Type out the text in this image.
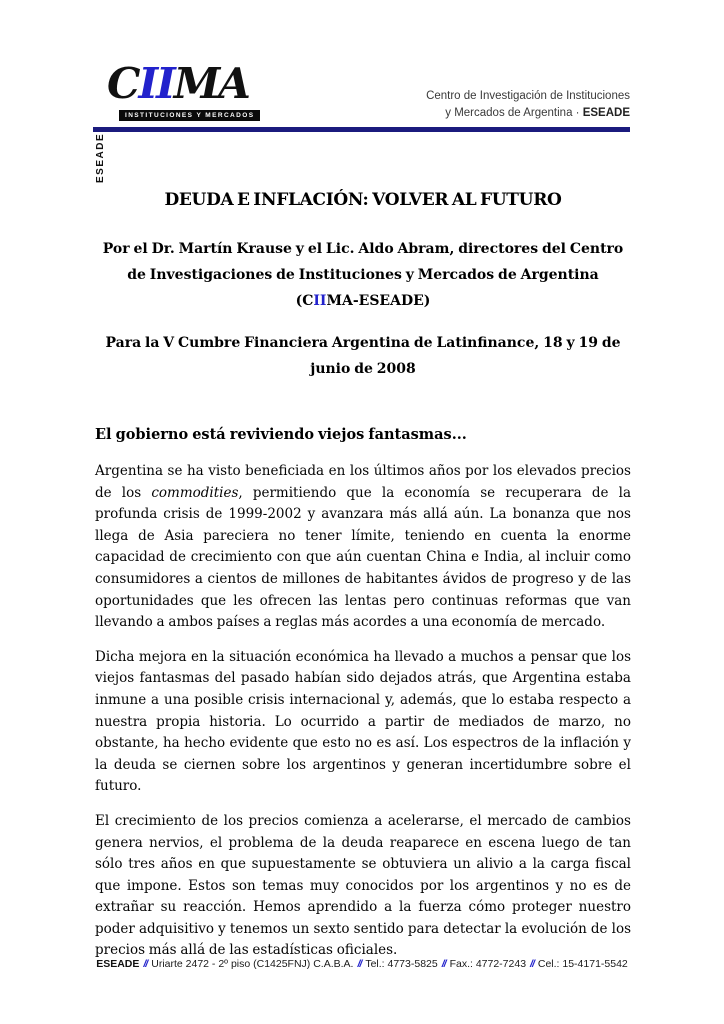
ESEADE
CIIMA
INSTITUCIONES Y MERCADOS
Centro de Investigación de Instituciones
y Mercados de Argentina · ESEADE
DEUDA E INFLACIÓN: VOLVER AL FUTURO

Por el Dr. Martín Krause y el Lic. Aldo Abram, directores del Centro de Investigaciones de Instituciones y Mercados de Argentina (CIIMA-ESEADE)

Para la V Cumbre Financiera Argentina de Latinfinance, 18 y 19 de junio de 2008

El gobierno está reviviendo viejos fantasmas...

Argentina se ha visto beneficiada en los últimos años por los elevados precios de los commodities, permitiendo que la economía se recuperara de la profunda crisis de 1999-2002 y avanzara más allá aún. La bonanza que nos llega de Asia pareciera no tener límite, teniendo en cuenta la enorme capacidad de crecimiento con que aún cuentan China e India, al incluir como consumidores a cientos de millones de habitantes ávidos de progreso y de las oportunidades que les ofrecen las lentas pero continuas reformas que van llevando a ambos países a reglas más acordes a una economía de mercado.

Dicha mejora en la situación económica ha llevado a muchos a pensar que los viejos fantasmas del pasado habían sido dejados atrás, que Argentina estaba inmune a una posible crisis internacional y, además, que lo estaba respecto a nuestra propia historia. Lo ocurrido a partir de mediados de marzo, no obstante, ha hecho evidente que esto no es así. Los espectros de la inflación y la deuda se ciernen sobre los argentinos y generan incertidumbre sobre el futuro.

El crecimiento de los precios comienza a acelerarse, el mercado de cambios genera nervios, el problema de la deuda reaparece en escena luego de tan sólo tres años en que supuestamente se obtuviera un alivio a la carga fiscal que impone. Estos son temas muy conocidos por los argentinos y no es de extrañar su reacción. Hemos aprendido a la fuerza cómo proteger nuestro poder adquisitivo y tenemos un sexto sentido para detectar la evolución de los precios más allá de las estadísticas oficiales.

ESEADE // Uriarte 2472 - 2º piso (C1425FNJ) C.A.B.A. // Tel.: 4773-5825 // Fax.: 4772-7243 // Cel.: 15-4171-5542
